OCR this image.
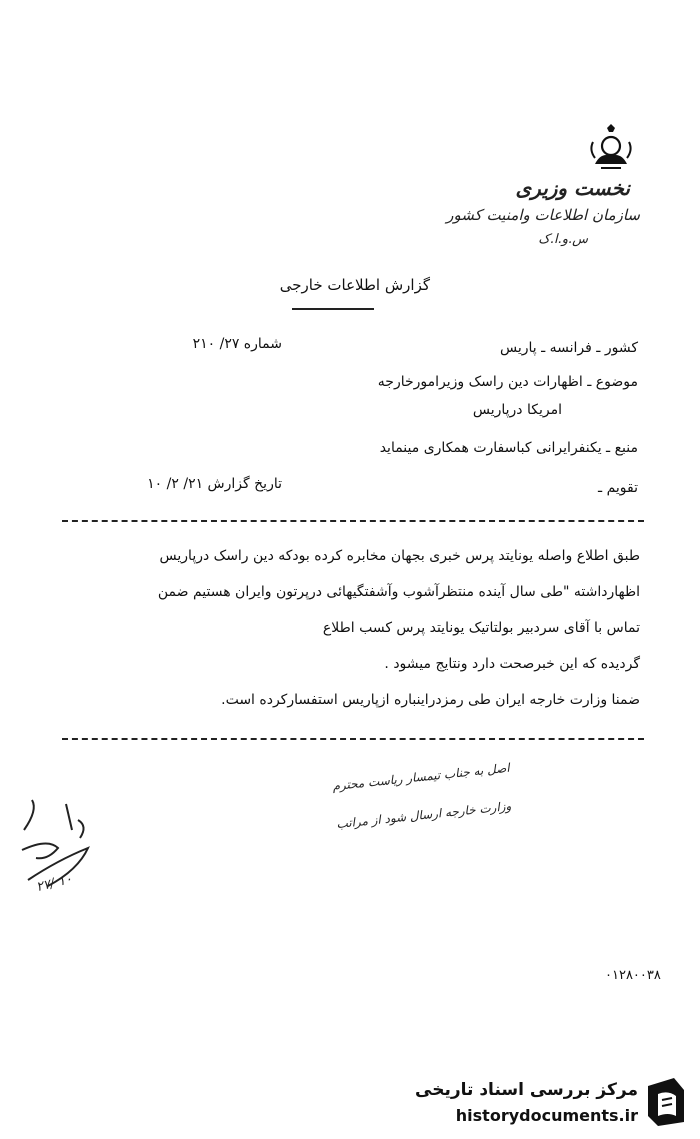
نخست وزیری
سازمان اطلاعات وامنیت کشور
س.و.ا.ک
گزارش اطلاعات خارجی
شماره ۲۷/ ۲۱۰	کشور ـ فرانسه ـ پاریس
موضوع ـ اظهارات دین راسک وزیرامورخارجه
امریکا درپاریس
منبع ـ یکنفرایرانی کباسفارت همکاری مینماید
تاریخ گزارش ۲۱/ ۲/ ۱۰	تقویم ـ
طبق اطلاع واصله یونایتد پرس خبری بجهان مخابره کرده بودکه دین راسک درپاریس
اظهارداشته "طی سال آینده منتظرآشوب وآشفتگیهائی درپرتون وایران هستیم ضمن
تماس با آقای سردبیر بولتاتیک یونایتد پرس کسب اطلاع
گردیده که این خبرصحت دارد ونتایج میشود .
ضمنا وزارت خارجه ایران طی رمزدراینباره ازپاریس استفسارکرده است.
اصل به جناب تیمسار ریاست محترم
وزارت خارجه ارسال شود از مراتب
۲۷/ ۱۰
۰۱۲۸۰۰۳۸
مرکز بررسی اسناد تاریخی
historydocuments.ir
